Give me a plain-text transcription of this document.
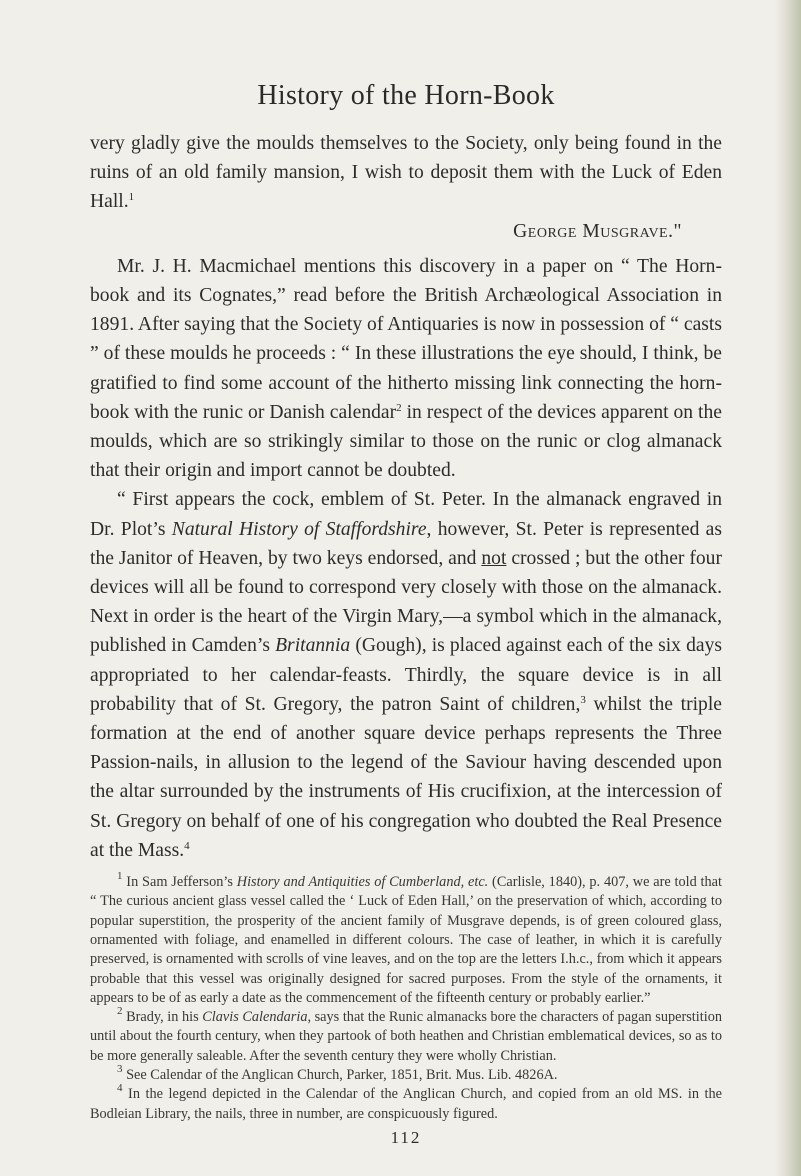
History of the Horn-Book

very gladly give the moulds themselves to the Society, only being found in the ruins of an old family mansion, I wish to deposit them with the Luck of Eden Hall.$^1$

George Musgrave."

Mr. J. H. Macmichael mentions this discovery in a paper on “ The Horn-book and its Cognates,” read before the British Archæological Association in 1891. After saying that the Society of Antiquaries is now in possession of “ casts ” of these moulds he proceeds : “ In these illustrations the eye should, I think, be gratified to find some account of the hitherto missing link connecting the horn-book with the runic or Danish calendar$^2$ in respect of the devices apparent on the moulds, which are so strikingly similar to those on the runic or clog almanack that their origin and import cannot be doubted.

“ First appears the cock, emblem of St. Peter. In the almanack engraved in Dr. Plot’s Natural History of Staffordshire, however, St. Peter is represented as the Janitor of Heaven, by two keys endorsed, and not crossed ; but the other four devices will all be found to correspond very closely with those on the almanack. Next in order is the heart of the Virgin Mary,—a symbol which in the almanack, published in Camden’s Britannia (Gough), is placed against each of the six days appropriated to her calendar-feasts. Thirdly, the square device is in all probability that of St. Gregory, the patron Saint of children,$^3$ whilst the triple formation at the end of another square device perhaps represents the Three Passion-nails, in allusion to the legend of the Saviour having descended upon the altar surrounded by the instruments of His crucifixion, at the intercession of St. Gregory on behalf of one of his congregation who doubted the Real Presence at the Mass.$^4$

$^1$ In Sam Jefferson’s History and Antiquities of Cumberland, etc. (Carlisle, 1840), p. 407, we are told that “ The curious ancient glass vessel called the ‘ Luck of Eden Hall,’ on the preservation of which, according to popular superstition, the prosperity of the ancient family of Musgrave depends, is of green coloured glass, ornamented with foliage, and enamelled in different colours. The case of leather, in which it is carefully preserved, is ornamented with scrolls of vine leaves, and on the top are the letters I.h.c., from which it appears probable that this vessel was originally designed for sacred purposes. From the style of the ornaments, it appears to be of as early a date as the commencement of the fifteenth century or probably earlier.”

$^2$ Brady, in his Clavis Calendaria, says that the Runic almanacks bore the characters of pagan superstition until about the fourth century, when they partook of both heathen and Christian emblematical devices, so as to be more generally saleable. After the seventh century they were wholly Christian.

$^3$ See Calendar of the Anglican Church, Parker, 1851, Brit. Mus. Lib. 4826A.

$^4$ In the legend depicted in the Calendar of the Anglican Church, and copied from an old MS. in the Bodleian Library, the nails, three in number, are conspicuously figured.

112
